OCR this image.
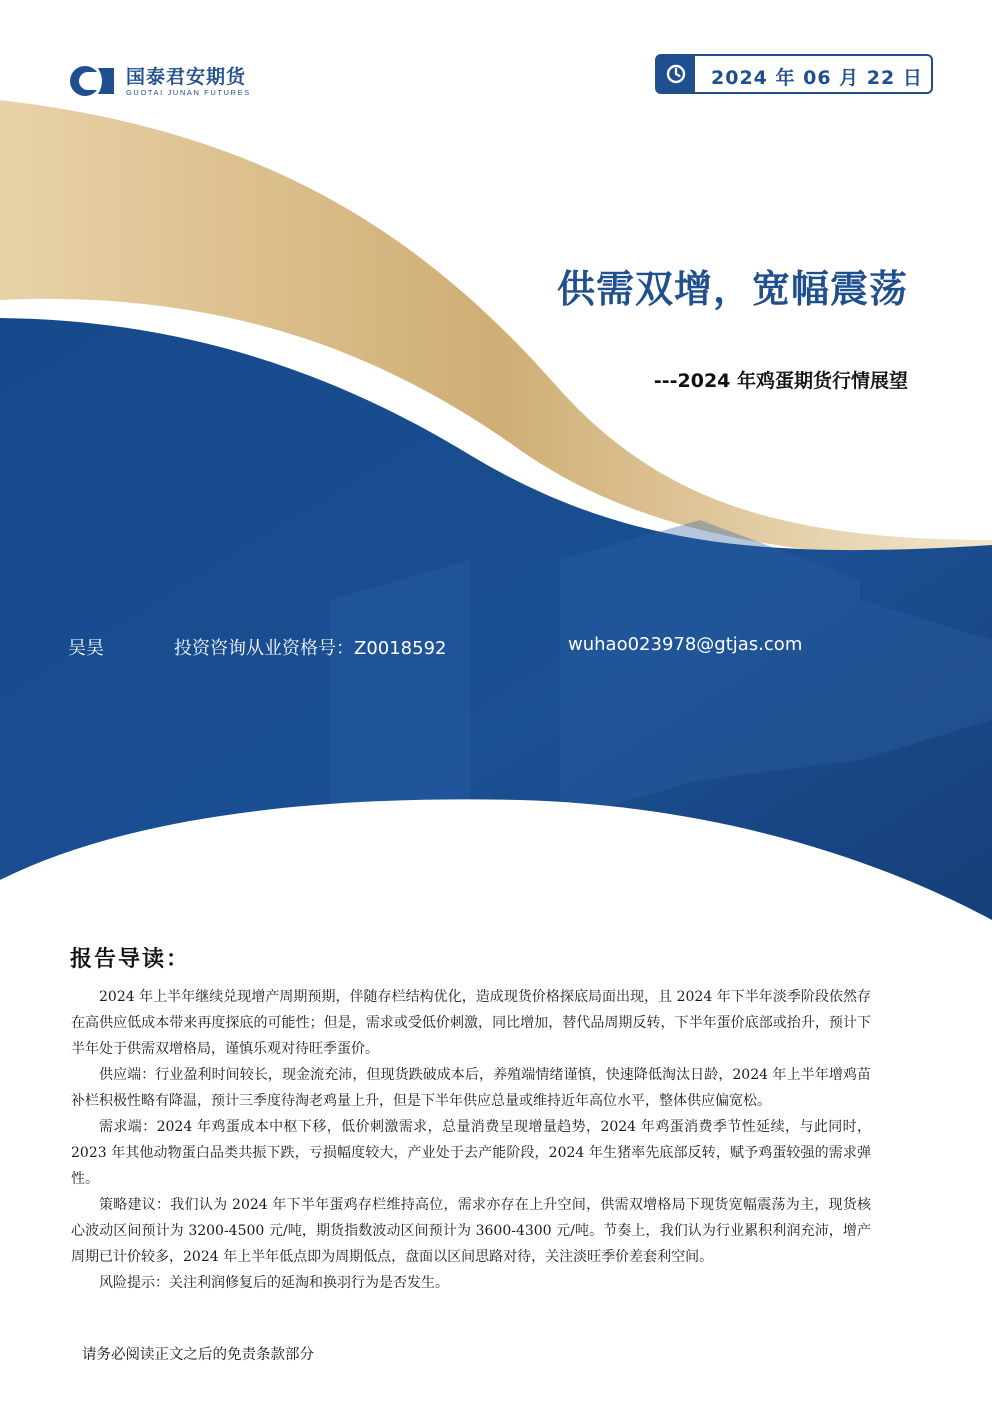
国泰君安期货
GUOTAI JUNAN FUTURES
2024 年 06 月 22 日
供需双增，宽幅震荡
---2024 年鸡蛋期货行情展望
吴昊	投资咨询从业资格号：Z0018592	wuhao023978@gtjas.com
报告导读：

2024 年上半年继续兑现增产周期预期，伴随存栏结构优化，造成现货价格探底局面出现，且 2024 年下半年淡季阶段依然存在高供应低成本带来再度探底的可能性；但是，需求或受低价刺激，同比增加，替代品周期反转，下半年蛋价底部或抬升，预计下半年处于供需双增格局，谨慎乐观对待旺季蛋价。

供应端：行业盈利时间较长，现金流充沛，但现货跌破成本后，养殖端情绪谨慎，快速降低淘汰日龄，2024 年上半年增鸡苗补栏积极性略有降温，预计三季度待淘老鸡量上升，但是下半年供应总量或维持近年高位水平，整体供应偏宽松。

需求端：2024 年鸡蛋成本中枢下移，低价刺激需求，总量消费呈现增量趋势，2024 年鸡蛋消费季节性延续，与此同时，2023 年其他动物蛋白品类共振下跌，亏损幅度较大，产业处于去产能阶段，2024 年生猪率先底部反转，赋予鸡蛋较强的需求弹性。

策略建议：我们认为 2024 年下半年蛋鸡存栏维持高位，需求亦存在上升空间，供需双增格局下现货宽幅震荡为主，现货核心波动区间预计为 3200-4500 元/吨，期货指数波动区间预计为 3600-4300 元/吨。节奏上，我们认为行业累积利润充沛，增产周期已计价较多，2024 年上半年低点即为周期低点，盘面以区间思路对待，关注淡旺季价差套利空间。

风险提示：关注利润修复后的延淘和换羽行为是否发生。

请务必阅读正文之后的免责条款部分
